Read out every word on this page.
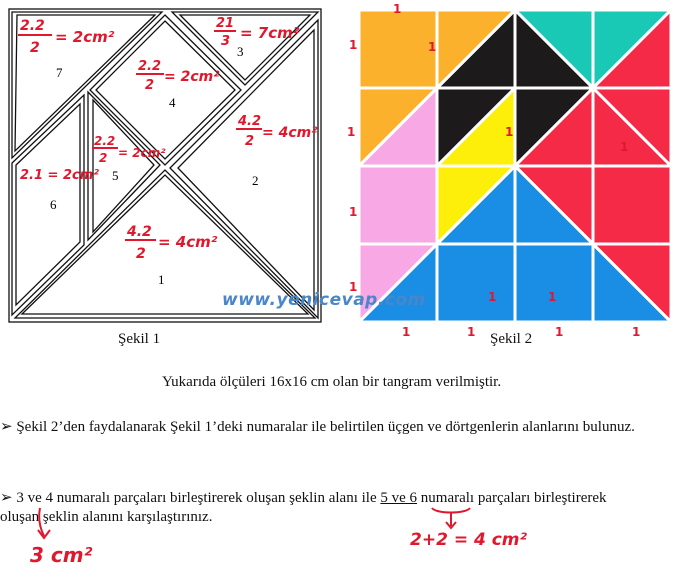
7
3
4
5
6
2
1
2.2
2
= 2cm²
21
3 = 7cm²
2.2
2
= 2cm²
2.2
2 = 2cm²
2.1 = 2cm²
4.2
2
= 4cm²
4.2
2
= 4cm²
Şekil 1
1
1
1
1
1
1	1	1	1
1
1
1
1	1
Şekil 2
www.yenicevap.com
Yukarıda ölçüleri 16x16 cm olan bir tangram verilmiştir.
➢ Şekil 2’den faydalanarak Şekil 1’deki numaralar ile belirtilen üçgen ve dörtgenlerin alanlarını bulunuz.
➢ 3 ve 4 numaralı parçaları birleştirerek oluşan şeklin alanı ile 5 ve 6 numaralı parçaları birleştirerek
oluşan şeklin alanını karşılaştırınız.
3 cm²
2+2 = 4 cm²
